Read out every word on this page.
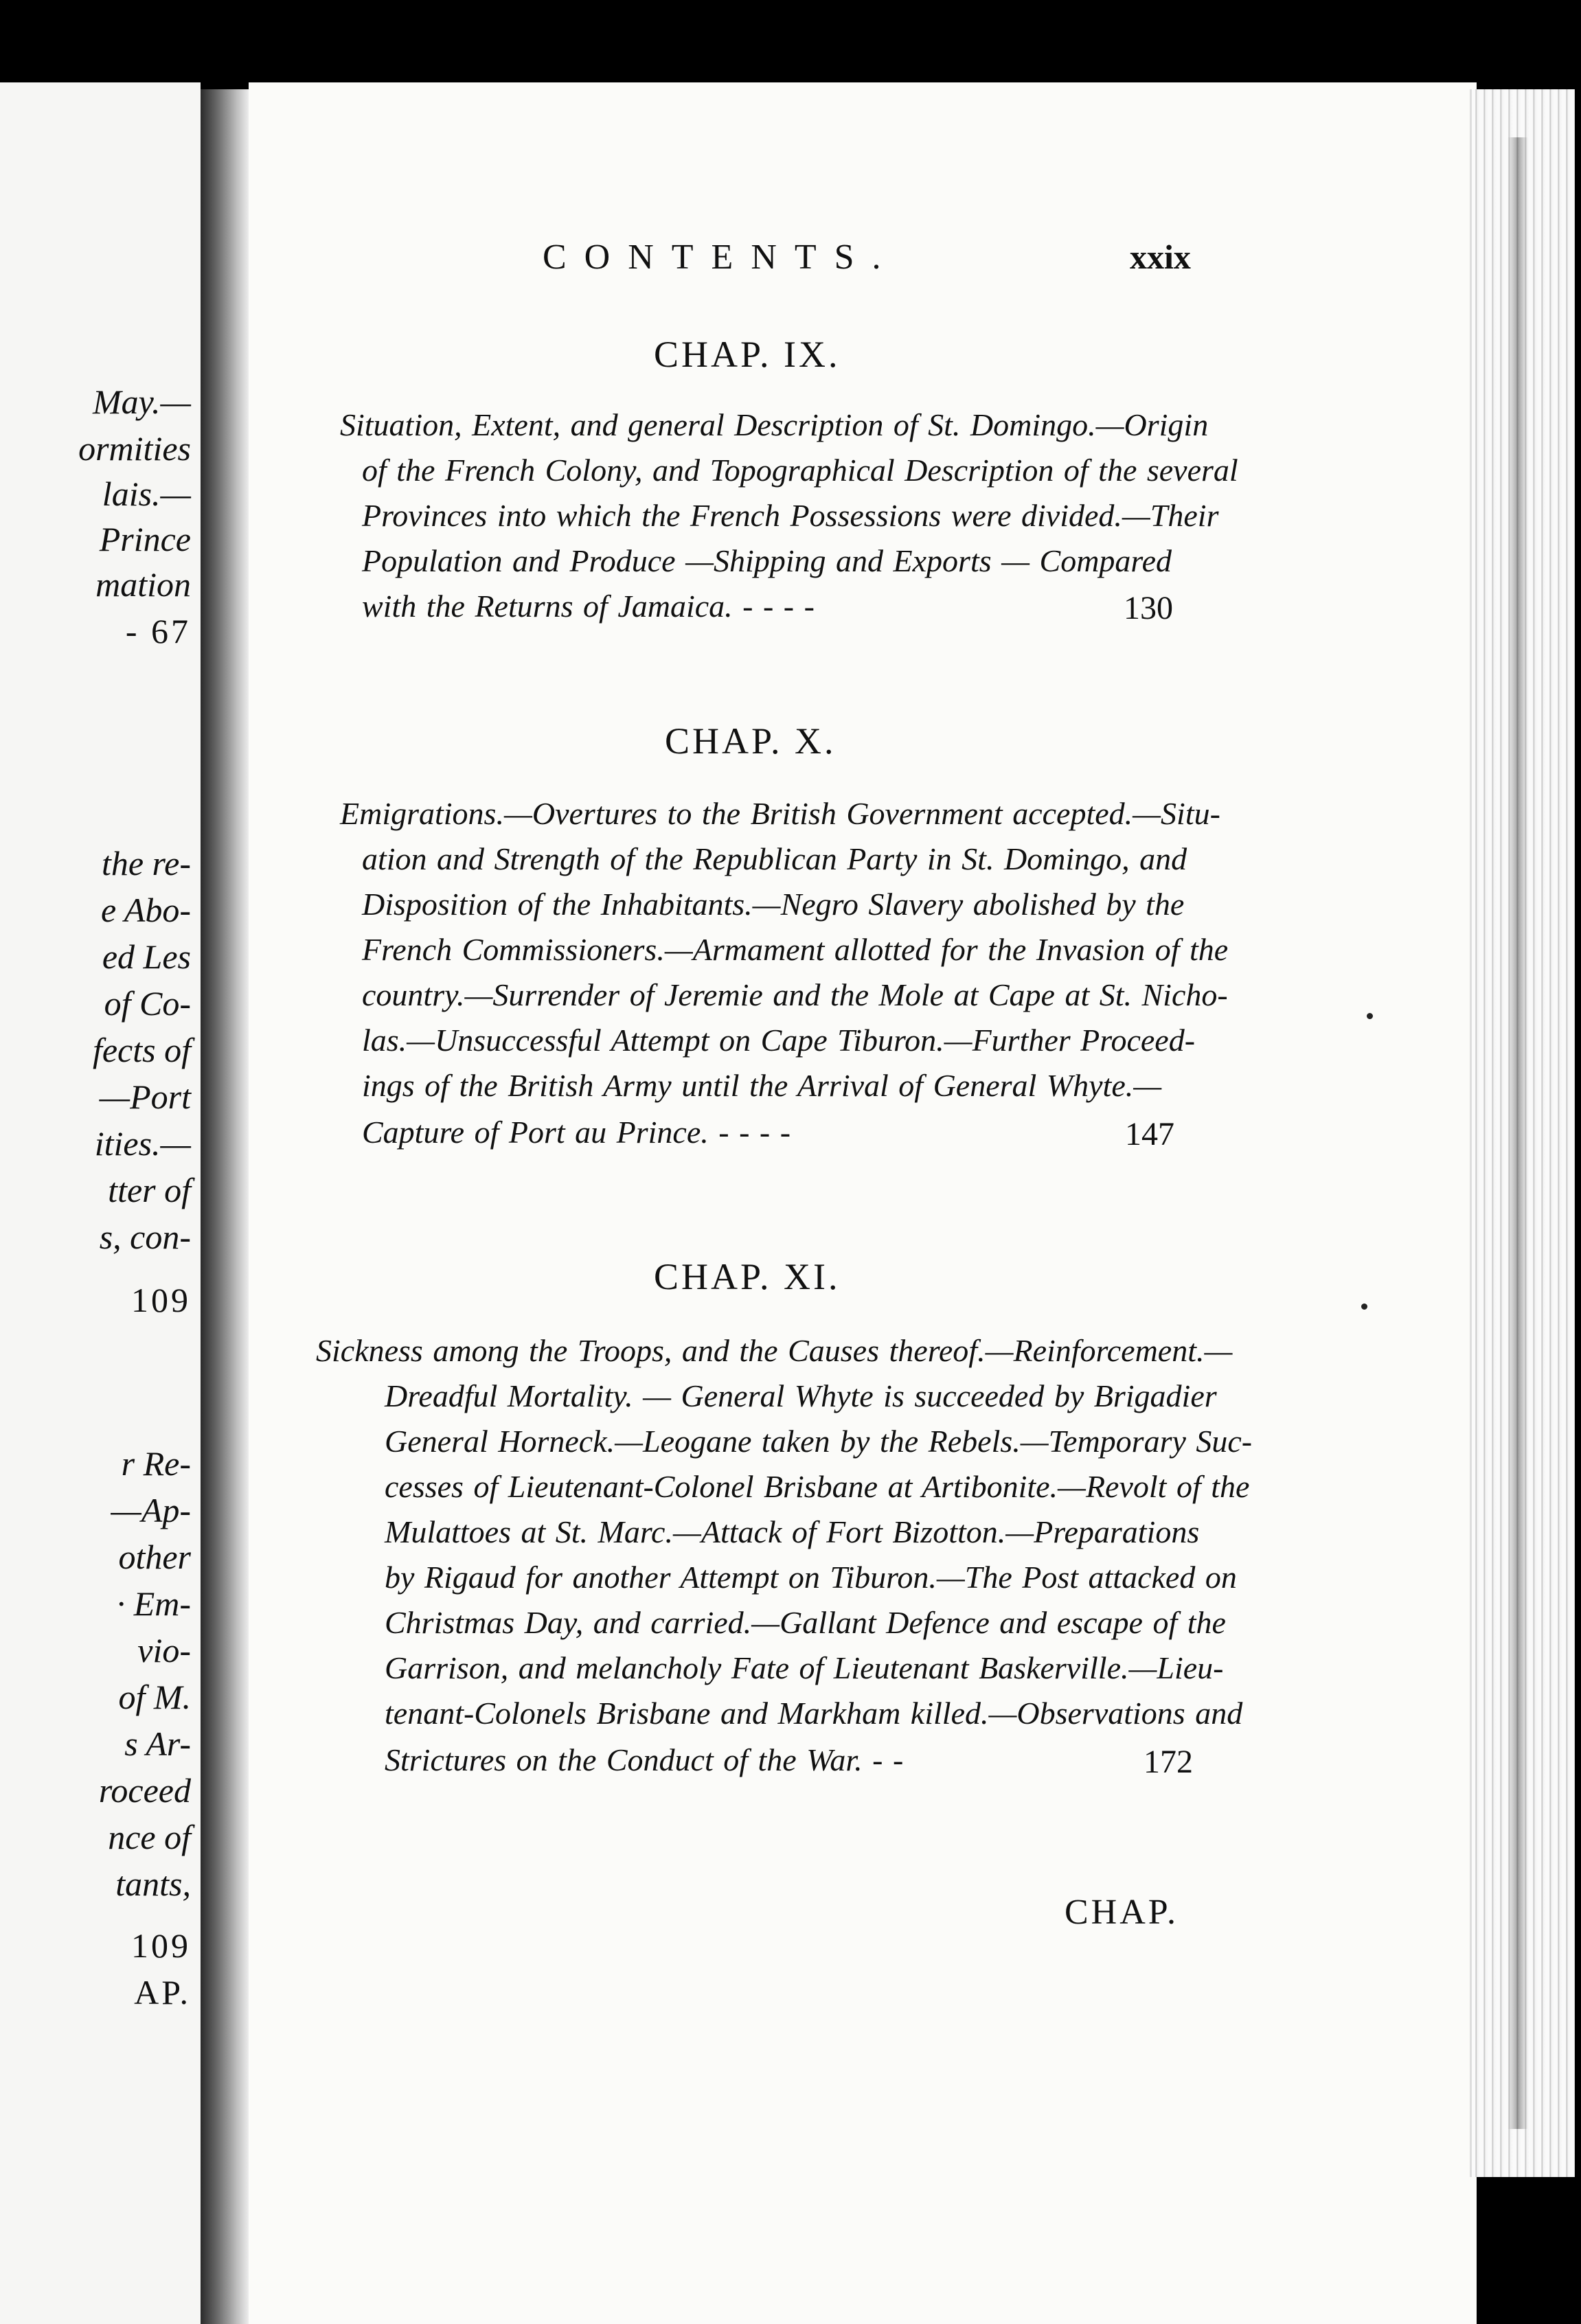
May.—
ormities
lais.—
Prince
mation
- 67
the re-
e Abo-
ed Les
of Co-
fects of
—Port
ities.—
tter of
s, con-
109
r Re-
—Ap-
other
· Em-
vio-
of M.
s Ar-
roceed
nce of
tants,
109
AP.
CONTENTS.	xxix
CHAP. IX.
Situation, Extent, and general Description of St. Domingo.—Origin
of the French Colony, and Topographical Description of the several
Provinces into which the French Possessions were divided.—Their
Population and Produce —Shipping and Exports — Compared
with the Returns of Jamaica. - - - -	130
CHAP. X.
Emigrations.—Overtures to the British Government accepted.—Situ-
ation and Strength of the Republican Party in St. Domingo, and
Disposition of the Inhabitants.—Negro Slavery abolished by the
French Commissioners.—Armament allotted for the Invasion of the
country.—Surrender of Jeremie and the Mole at Cape at St. Nicho-
las.—Unsuccessful Attempt on Cape Tiburon.—Further Proceed-
ings of the British Army until the Arrival of General Whyte.—
Capture of Port au Prince. - - - -	147
CHAP. XI.
Sickness among the Troops, and the Causes thereof.—Reinforcement.—
Dreadful Mortality. — General Whyte is succeeded by Brigadier
General Horneck.—Leogane taken by the Rebels.—Temporary Suc-
cesses of Lieutenant-Colonel Brisbane at Artibonite.—Revolt of the
Mulattoes at St. Marc.—Attack of Fort Bizotton.—Preparations
by Rigaud for another Attempt on Tiburon.—The Post attacked on
Christmas Day, and carried.—Gallant Defence and escape of the
Garrison, and melancholy Fate of Lieutenant Baskerville.—Lieu-
tenant-Colonels Brisbane and Markham killed.—Observations and
Strictures on the Conduct of the War. - -	172
CHAP.
